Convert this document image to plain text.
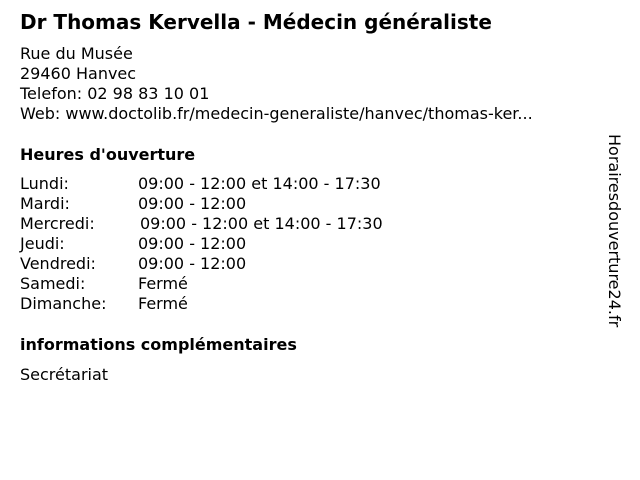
Dr Thomas Kervella - Médecin généraliste
Rue du Musée
29460 Hanvec
Telefon: 02 98 83 10 01
Web: www.doctolib.fr/medecin-generaliste/hanvec/thomas-ker...
Heures d'ouverture
Lundi:	09:00 - 12:00 et 14:00 - 17:30
Mardi:	09:00 - 12:00
Mercredi:	09:00 - 12:00 et 14:00 - 17:30
Jeudi:	09:00 - 12:00
Vendredi:	09:00 - 12:00
Samedi:	Fermé
Dimanche: Fermé
informations complémentaires
Secrétariat
Horairesdouverture24.fr
